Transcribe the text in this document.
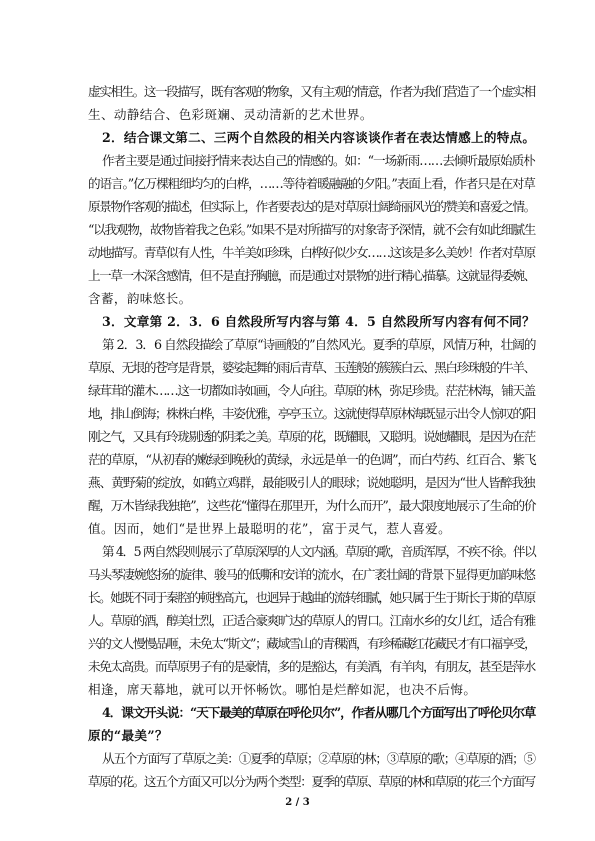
虚实相生。这一段描写，既有客观的物象，又有主观的情意，作者为我们营造了一个虚实相
生、动静结合、色彩斑斓、灵动清新的艺术世界。
2．结合课文第二、三两个自然段的相关内容谈谈作者在表达情感上的特点。
作者主要是通过间接抒情来表达自己的情感的。如：“一场新雨……去倾听最原始质朴
的语言。”亿万棵粗细均匀的白桦，……等待着暖融融的夕阳。”表面上看，作者只是在对草
原景物作客观的描述，但实际上，作者要表达的是对草原壮阔绮丽风光的赞美和喜爱之情。
“以我观物，故物皆着我之色彩。”如果不是对所描写的对象寄予深情，就不会有如此细腻生
动地描写。青草似有人性，牛羊美如珍珠，白桦好似少女……这该是多么美妙！作者对草原
上一草一木深含感情，但不是直抒胸臆，而是通过对景物的进行精心描摹。这就显得委婉、
含蓄，韵味悠长。
3．文章第 2．3．6 自然段所写内容与第 4．5 自然段所写内容有何不同？
第 2．3．6 自然段描绘了草原“诗画般的”自然风光。夏季的草原，风情万种，壮阔的
草原、无垠的苍穹是背景，婆娑起舞的雨后青草、玉莲般的簇簇白云、黑白珍珠般的牛羊、
绿茸茸的灌木……这一切都如诗如画，令人向往。草原的林，弥足珍贵。茫茫林海，铺天盖
地，排山倒海；株株白桦，丰姿优雅，亭亭玉立。这就使得草原林海既显示出令人惊叹的阳
刚之气，又具有玲珑剔透的阴柔之美。草原的花，既耀眼，又聪明。说她耀眼，是因为在茫
茫的草原，“从初春的嫩绿到晚秋的黄绿，永远是单一的色调”，而白芍药、红百合、紫飞
燕、黄野菊的绽放，如鹤立鸡群，最能吸引人的眼球；说她聪明，是因为“世人皆醉我独
醒，万木皆绿我独艳”，这些花“懂得在那里开，为什么而开”，最大限度地展示了生命的价
值。因而，她们“是世界上最聪明的花”，富于灵气，惹人喜爱。
第 4．5 两自然段则展示了草原深厚的人文内涵。草原的歌，音质浑厚，不疾不徐。伴以
马头琴凄婉悠扬的旋律、骏马的低嘶和安详的流水，在广袤壮阔的背景下显得更加韵味悠
长。她既不同于秦腔的顿挫高亢，也迥异于越曲的流转细腻，她只属于生于斯长于斯的草原
人。草原的酒，醇美壮烈，正适合豪爽旷达的草原人的胃口。江南水乡的女儿红，适合有雅
兴的文人慢慢品咂，未免太“斯文”；藏域雪山的青稞酒，有珍稀藏红花藏民才有口福享受，
未免太高贵。而草原男子有的是豪情，多的是豁达，有美酒，有羊肉，有朋友，甚至是萍水
相逢，席天幕地，就可以开怀畅饮。哪怕是烂醉如泥，也决不后悔。
4．课文开头说：“天下最美的草原在呼伦贝尔”，作者从哪几个方面写出了呼伦贝尔草
原的“最美”？
从五个方面写了草原之美：①夏季的草原；②草原的林；③草原的歌；④草原的酒；⑤
草原的花。这五个方面又可以分为两个类型：夏季的草原、草原的林和草原的花三个方面写
2 / 3
